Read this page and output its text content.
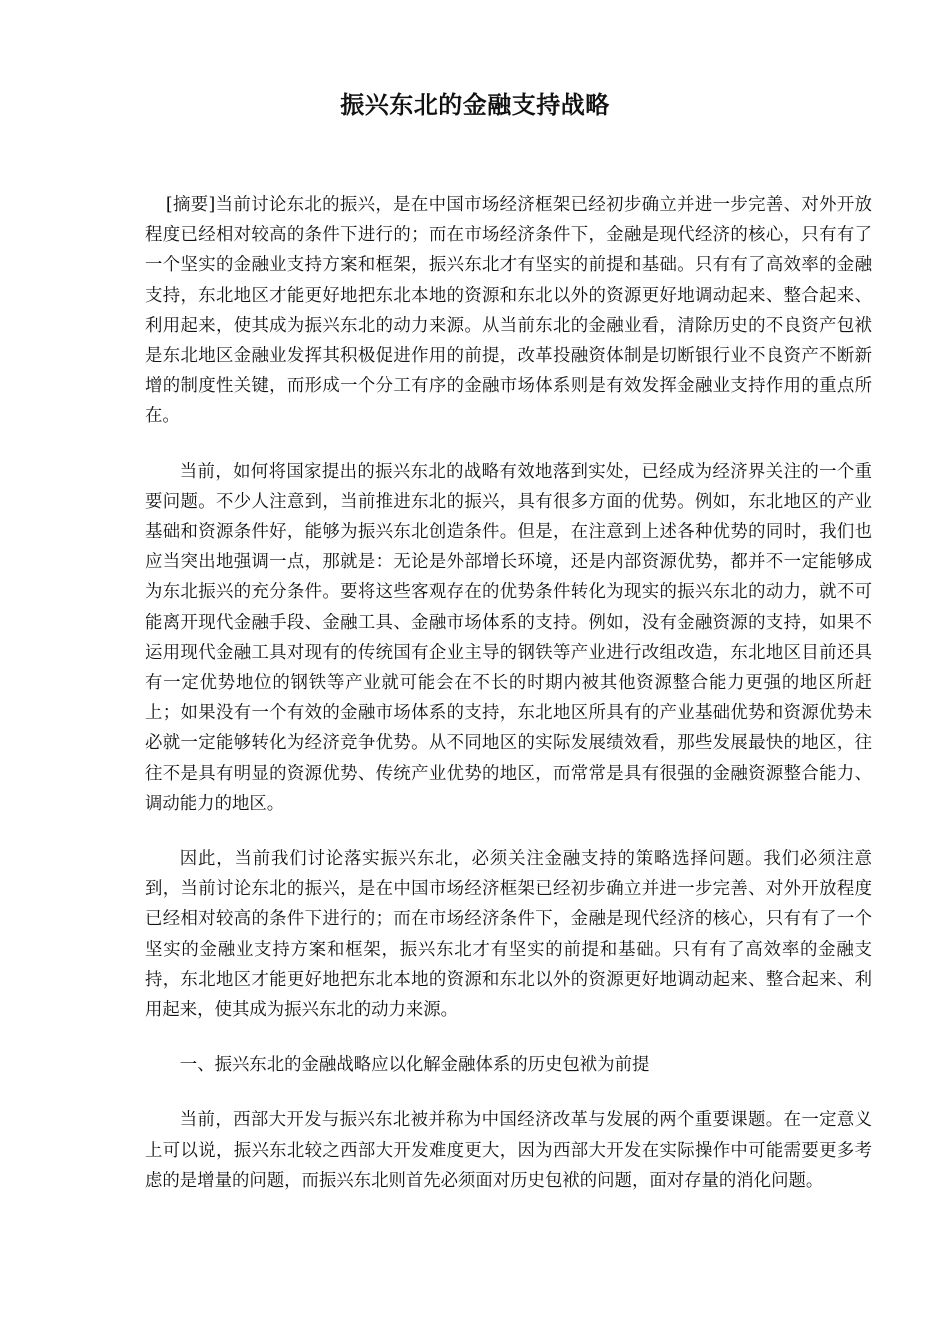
振兴东北的金融支持战略

[摘要]当前讨论东北的振兴，是在中国市场经济框架已经初步确立并进一步完善、对外开放程度已经相对较高的条件下进行的；而在市场经济条件下，金融是现代经济的核心，只有有了一个坚实的金融业支持方案和框架，振兴东北才有坚实的前提和基础。只有有了高效率的金融支持，东北地区才能更好地把东北本地的资源和东北以外的资源更好地调动起来、整合起来、利用起来，使其成为振兴东北的动力来源。从当前东北的金融业看，清除历史的不良资产包袱是东北地区金融业发挥其积极促进作用的前提，改革投融资体制是切断银行业不良资产不断新增的制度性关键，而形成一个分工有序的金融市场体系则是有效发挥金融业支持作用的重点所在。

当前，如何将国家提出的振兴东北的战略有效地落到实处，已经成为经济界关注的一个重要问题。不少人注意到，当前推进东北的振兴，具有很多方面的优势。例如，东北地区的产业基础和资源条件好，能够为振兴东北创造条件。但是，在注意到上述各种优势的同时，我们也应当突出地强调一点，那就是：无论是外部增长环境，还是内部资源优势，都并不一定能够成为东北振兴的充分条件。要将这些客观存在的优势条件转化为现实的振兴东北的动力，就不可能离开现代金融手段、金融工具、金融市场体系的支持。例如，没有金融资源的支持，如果不运用现代金融工具对现有的传统国有企业主导的钢铁等产业进行改组改造，东北地区目前还具有一定优势地位的钢铁等产业就可能会在不长的时期内被其他资源整合能力更强的地区所赶上；如果没有一个有效的金融市场体系的支持，东北地区所具有的产业基础优势和资源优势未必就一定能够转化为经济竞争优势。从不同地区的实际发展绩效看，那些发展最快的地区，往往不是具有明显的资源优势、传统产业优势的地区，而常常是具有很强的金融资源整合能力、调动能力的地区。

因此，当前我们讨论落实振兴东北，必须关注金融支持的策略选择问题。我们必须注意到，当前讨论东北的振兴，是在中国市场经济框架已经初步确立并进一步完善、对外开放程度已经相对较高的条件下进行的；而在市场经济条件下，金融是现代经济的核心，只有有了一个坚实的金融业支持方案和框架，振兴东北才有坚实的前提和基础。只有有了高效率的金融支持，东北地区才能更好地把东北本地的资源和东北以外的资源更好地调动起来、整合起来、利用起来，使其成为振兴东北的动力来源。

一、振兴东北的金融战略应以化解金融体系的历史包袱为前提

当前，西部大开发与振兴东北被并称为中国经济改革与发展的两个重要课题。在一定意义上可以说，振兴东北较之西部大开发难度更大，因为西部大开发在实际操作中可能需要更多考虑的是增量的问题，而振兴东北则首先必须面对历史包袱的问题，面对存量的消化问题。
